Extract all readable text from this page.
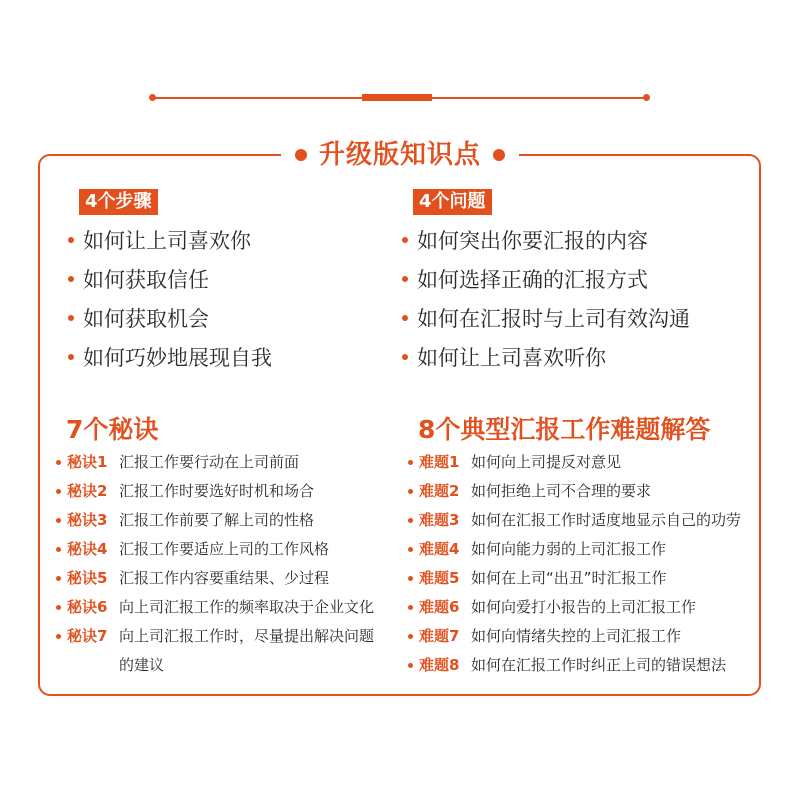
升级版知识点
4个步骤
如何让上司喜欢你
如何获取信任
如何获取机会
如何巧妙地展现自我
4个问题
如何突出你要汇报的内容
如何选择正确的汇报方式
如何在汇报时与上司有效沟通
如何让上司喜欢听你
7个秘诀
秘诀1 汇报工作要行动在上司前面
秘诀2 汇报工作时要选好时机和场合
秘诀3 汇报工作前要了解上司的性格
秘诀4 汇报工作要适应上司的工作风格
秘诀5 汇报工作内容要重结果、少过程
秘诀6 向上司汇报工作的频率取决于企业文化
秘诀7 向上司汇报工作时，尽量提出解决问题的建议
8个典型汇报工作难题解答
难题1 如何向上司提反对意见
难题2 如何拒绝上司不合理的要求
难题3 如何在汇报工作时适度地显示自己的功劳
难题4 如何向能力弱的上司汇报工作
难题5 如何在上司“出丑”时汇报工作
难题6 如何向爱打小报告的上司汇报工作
难题7 如何向情绪失控的上司汇报工作
难题8 如何在汇报工作时纠正上司的错误想法
